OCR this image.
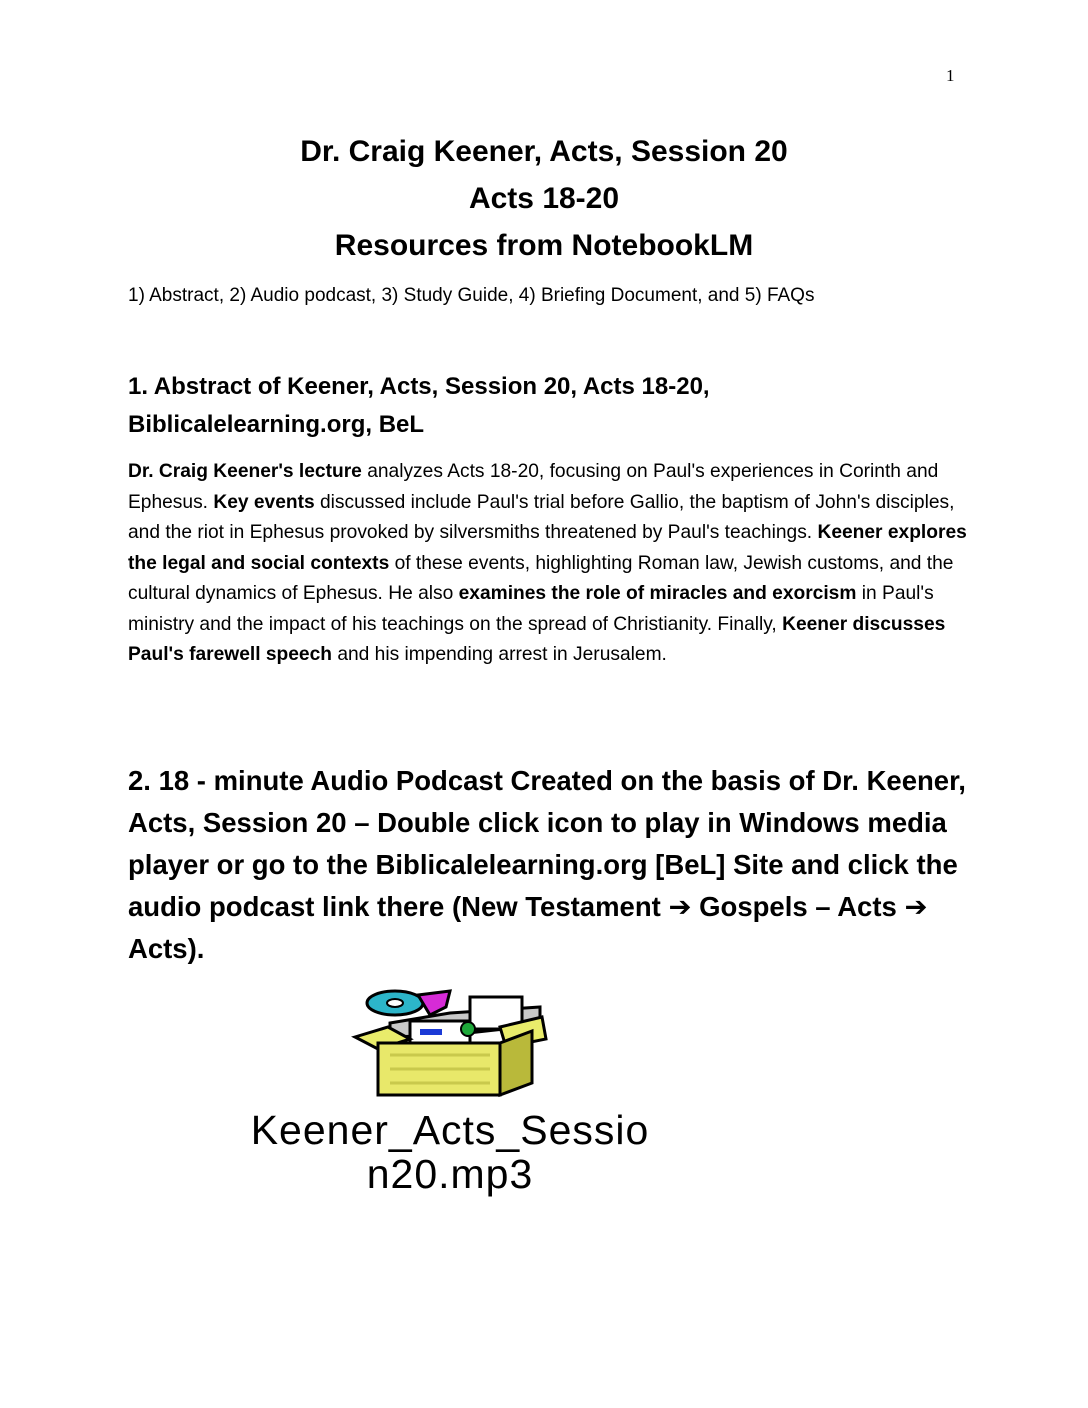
1
Dr. Craig Keener, Acts, Session 20
Acts 18-20
Resources from NotebookLM
1) Abstract, 2) Audio podcast, 3) Study Guide, 4) Briefing Document, and 5) FAQs
1. Abstract of Keener, Acts, Session 20, Acts 18-20,
Biblicalelearning.org, BeL
Dr. Craig Keener's lecture analyzes Acts 18-20, focusing on Paul's experiences in Corinth and Ephesus. Key events discussed include Paul's trial before Gallio, the baptism of John's disciples, and the riot in Ephesus provoked by silversmiths threatened by Paul's teachings. Keener explores the legal and social contexts of these events, highlighting Roman law, Jewish customs, and the cultural dynamics of Ephesus. He also examines the role of miracles and exorcism in Paul's ministry and the impact of his teachings on the spread of Christianity. Finally, Keener discusses Paul's farewell speech and his impending arrest in Jerusalem.
2. 18 - minute Audio Podcast Created on the basis of Dr. Keener, Acts, Session 20 – Double click icon to play in Windows media player or go to the Biblicalelearning.org [BeL] Site and click the audio podcast link there (New Testament ➔ Gospels – Acts ➔ Acts).
Keener_Acts_Sessio
n20.mp3
